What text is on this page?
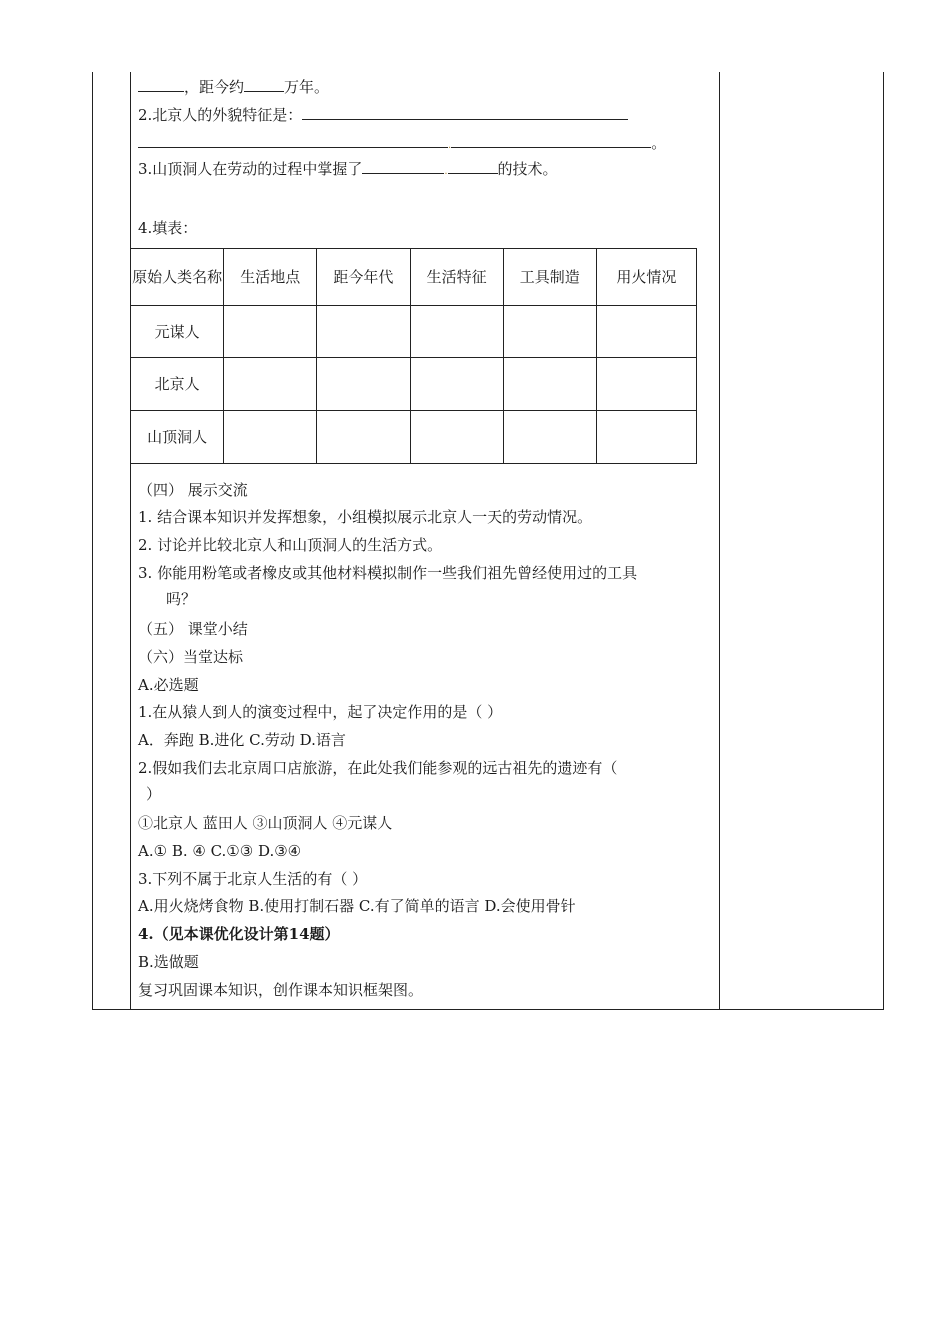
，距今约	万年。
2.北京人的外貌特征是：
.	。
3.山顶洞人在劳动的过程中掌握了	.	的技术。
4.填表：
原始人类名称	生活地点	距今年代	生活特征	工具制造	用火情况
元谋人					
北京人					
山顶洞人					
（四） 展示交流
1. 结合课本知识并发挥想象，小组模拟展示北京人一天的劳动情况。
2. 讨论并比较北京人和山顶洞人的生活方式。
3. 你能用粉笔或者橡皮或其他材料模拟制作一些我们祖先曾经使用过的工具
吗？
（五） 课堂小结
（六）当堂达标
A.必选题
1.在从猿人到人的演变过程中，起了决定作用的是（ ）
A．奔跑 B.进化 C.劳动 D.语言
2.假如我们去北京周口店旅游，在此处我们能参观的远古祖先的遗迹有（
）
①北京人 蓝田人 ③山顶洞人 ④元谋人
A.① B. ④ C.①③ D.③④
3.下列不属于北京人生活的有（ ）
A.用火烧烤食物 B.使用打制石器 C.有了简单的语言 D.会使用骨针
4.（见本课优化设计第14题）
B.选做题
复习巩固课本知识，创作课本知识框架图。
